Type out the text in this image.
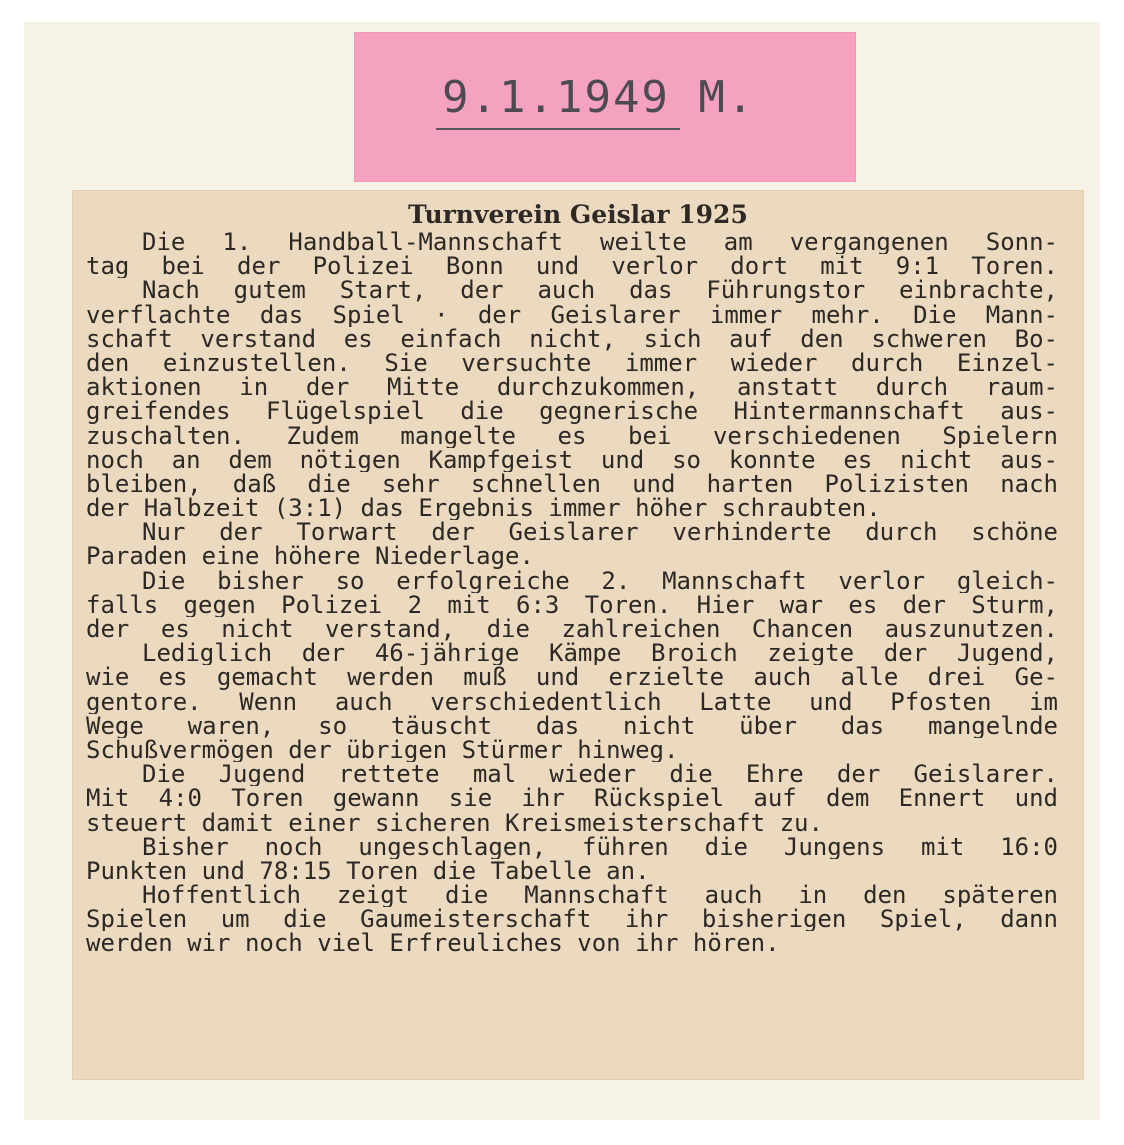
9.1.1949 M.
Turnverein Geislar 1925
Die 1. Handball-Mannschaft weilte am vergangenen Sonn-
tag bei der Polizei Bonn und verlor dort mit 9:1 Toren.
Nach gutem Start, der auch das Führungstor einbrachte,
verflachte das Spiel · der Geislarer immer mehr. Die Mann-
schaft verstand es einfach nicht, sich auf den schweren Bo-
den einzustellen. Sie versuchte immer wieder durch Einzel-
aktionen in der Mitte durchzukommen, anstatt durch raum-
greifendes Flügelspiel die gegnerische Hintermannschaft aus-
zuschalten. Zudem mangelte es bei verschiedenen Spielern
noch an dem nötigen Kampfgeist und so konnte es nicht aus-
bleiben, daß die sehr schnellen und harten Polizisten nach
der Halbzeit (3:1) das Ergebnis immer höher schraubten.
Nur der Torwart der Geislarer verhinderte durch schöne
Paraden eine höhere Niederlage.
Die bisher so erfolgreiche 2. Mannschaft verlor gleich-
falls gegen Polizei 2 mit 6:3 Toren. Hier war es der Sturm,
der es nicht verstand, die zahlreichen Chancen auszunutzen.
Lediglich der 46-jährige Kämpe Broich zeigte der Jugend,
wie es gemacht werden muß und erzielte auch alle drei Ge-
gentore. Wenn auch verschiedentlich Latte und Pfosten im
Wege waren, so täuscht das nicht über das mangelnde
Schußvermögen der übrigen Stürmer hinweg.
Die Jugend rettete mal wieder die Ehre der Geislarer.
Mit 4:0 Toren gewann sie ihr Rückspiel auf dem Ennert und
steuert damit einer sicheren Kreismeisterschaft zu.
Bisher noch ungeschlagen, führen die Jungens mit 16:0
Punkten und 78:15 Toren die Tabelle an.
Hoffentlich zeigt die Mannschaft auch in den späteren
Spielen um die Gaumeisterschaft ihr bisherigen Spiel, dann
werden wir noch viel Erfreuliches von ihr hören.
